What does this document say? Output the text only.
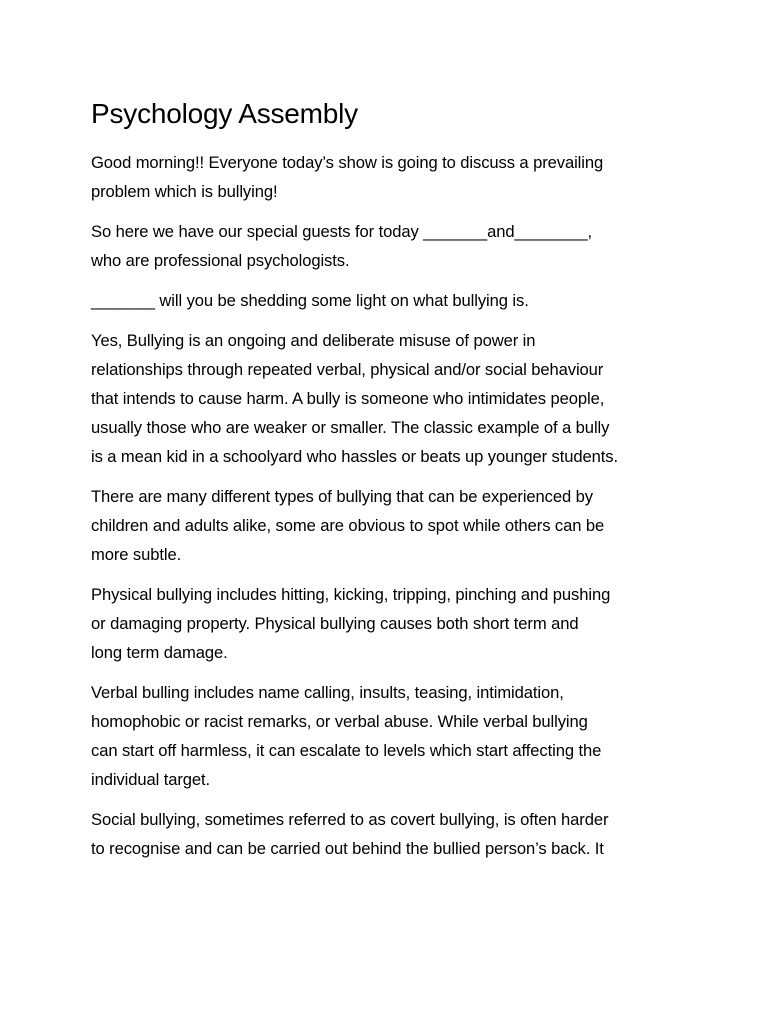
Psychology Assembly

Good morning!! Everyone today’s show is going to discuss a prevailing
problem which is bullying!

So here we have our special guests for today _______and________,
who are professional psychologists.

_______ will you be shedding some light on what bullying is.

Yes, Bullying is an ongoing and deliberate misuse of power in
relationships through repeated verbal, physical and/or social behaviour
that intends to cause harm. A bully is someone who intimidates people,
usually those who are weaker or smaller. The classic example of a bully
is a mean kid in a schoolyard who hassles or beats up younger students.

There are many different types of bullying that can be experienced by
children and adults alike, some are obvious to spot while others can be
more subtle.

Physical bullying includes hitting, kicking, tripping, pinching and pushing
or damaging property. Physical bullying causes both short term and
long term damage.

Verbal bulling includes name calling, insults, teasing, intimidation,
homophobic or racist remarks, or verbal abuse. While verbal bullying
can start off harmless, it can escalate to levels which start affecting the
individual target.

Social bullying, sometimes referred to as covert bullying, is often harder
to recognise and can be carried out behind the bullied person’s back. It
